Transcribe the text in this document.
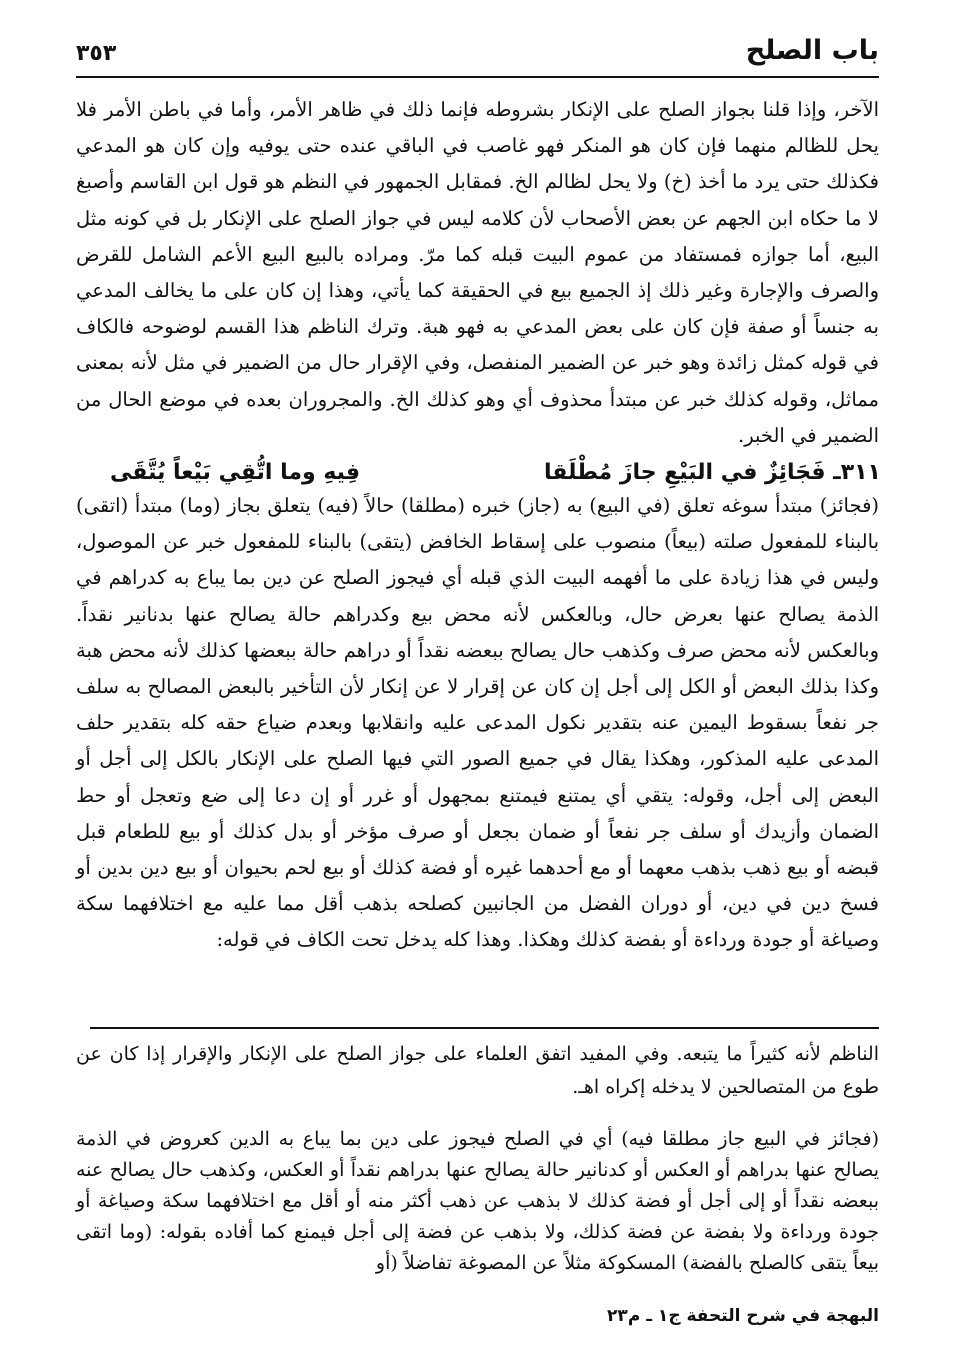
باب الصلح
٣٥٣

الآخر، وإذا قلنا بجواز الصلح على الإنكار بشروطه فإنما ذلك في ظاهر الأمر، وأما في باطن الأمر فلا يحل للظالم منهما فإن كان هو المنكر فهو غاصب في الباقي عنده حتى يوفيه وإن كان هو المدعي فكذلك حتى يرد ما أخذ (خ) ولا يحل لظالم الخ. فمقابل الجمهور في النظم هو قول ابن القاسم وأصبغ لا ما حكاه ابن الجهم عن بعض الأصحاب لأن كلامه ليس في جواز الصلح على الإنكار بل في كونه مثل البيع، أما جوازه فمستفاد من عموم البيت قبله كما مرّ. ومراده بالبيع البيع الأعم الشامل للقرض والصرف والإجارة وغير ذلك إذ الجميع بيع في الحقيقة كما يأتي، وهذا إن كان على ما يخالف المدعي به جنساً أو صفة فإن كان على بعض المدعي به فهو هبة. وترك الناظم هذا القسم لوضوحه فالكاف في قوله كمثل زائدة وهو خبر عن الضمير المنفصل، وفي الإقرار حال من الضمير في مثل لأنه بمعنى مماثل، وقوله كذلك خبر عن مبتدأ محذوف أي وهو كذلك الخ. والمجروران بعده في موضع الحال من الضمير في الخبر.

٣١١ـ فَجَائِزٌ في البَيْعِ جازَ مُطْلَقا
فِيهِ وما اتُّقِي بَيْعاً يُتَّقَى

(فجائز) مبتدأ سوغه تعلق (في البيع) به (جاز) خبره (مطلقا) حالاً (فيه) يتعلق بجاز (وما) مبتدأ (اتقى) بالبناء للمفعول صلته (بيعاً) منصوب على إسقاط الخافض (يتقى) بالبناء للمفعول خبر عن الموصول، وليس في هذا زيادة على ما أفهمه البيت الذي قبله أي فيجوز الصلح عن دين بما يباع به كدراهم في الذمة يصالح عنها بعرض حال، وبالعكس لأنه محض بيع وكدراهم حالة يصالح عنها بدنانير نقداً. وبالعكس لأنه محض صرف وكذهب حال يصالح ببعضه نقداً أو دراهم حالة ببعضها كذلك لأنه محض هبة وكذا بذلك البعض أو الكل إلى أجل إن كان عن إقرار لا عن إنكار لأن التأخير بالبعض المصالح به سلف جر نفعاً بسقوط اليمين عنه بتقدير نكول المدعى عليه وانقلابها وبعدم ضياع حقه كله بتقدير حلف المدعى عليه المذكور، وهكذا يقال في جميع الصور التي فيها الصلح على الإنكار بالكل إلى أجل أو البعض إلى أجل، وقوله: يتقي أي يمتنع فيمتنع بمجهول أو غرر أو إن دعا إلى ضع وتعجل أو حط الضمان وأزيدك أو سلف جر نفعاً أو ضمان بجعل أو صرف مؤخر أو بدل كذلك أو بيع للطعام قبل قبضه أو بيع ذهب بذهب معهما أو مع أحدهما غيره أو فضة كذلك أو بيع لحم بحيوان أو بيع دين بدين أو فسخ دين في دين، أو دوران الفضل من الجانبين كصلحه بذهب أقل مما عليه مع اختلافهما سكة وصياغة أو جودة ورداءة أو بفضة كذلك وهكذا. وهذا كله يدخل تحت الكاف في قوله:

الناظم لأنه كثيراً ما يتبعه. وفي المفيد اتفق العلماء على جواز الصلح على الإنكار والإقرار إذا كان عن طوع من المتصالحين لا يدخله إكراه اهـ.

(فجائز في البيع جاز مطلقا فيه) أي في الصلح فيجوز على دين بما يباع به الدين كعروض في الذمة يصالح عنها بدراهم أو العكس أو كدنانير حالة يصالح عنها بدراهم نقداً أو العكس، وكذهب حال يصالح عنه ببعضه نقداً أو إلى أجل أو فضة كذلك لا بذهب عن ذهب أكثر منه أو أقل مع اختلافهما سكة وصياغة أو جودة ورداءة ولا بفضة عن فضة كذلك، ولا بذهب عن فضة إلى أجل فيمنع كما أفاده بقوله: (وما اتقى بيعاً يتقى كالصلح بالفضة) المسكوكة مثلاً عن المصوغة تفاضلاً (أو

البهجة في شرح التحفة ج١ ـ م٢٣
